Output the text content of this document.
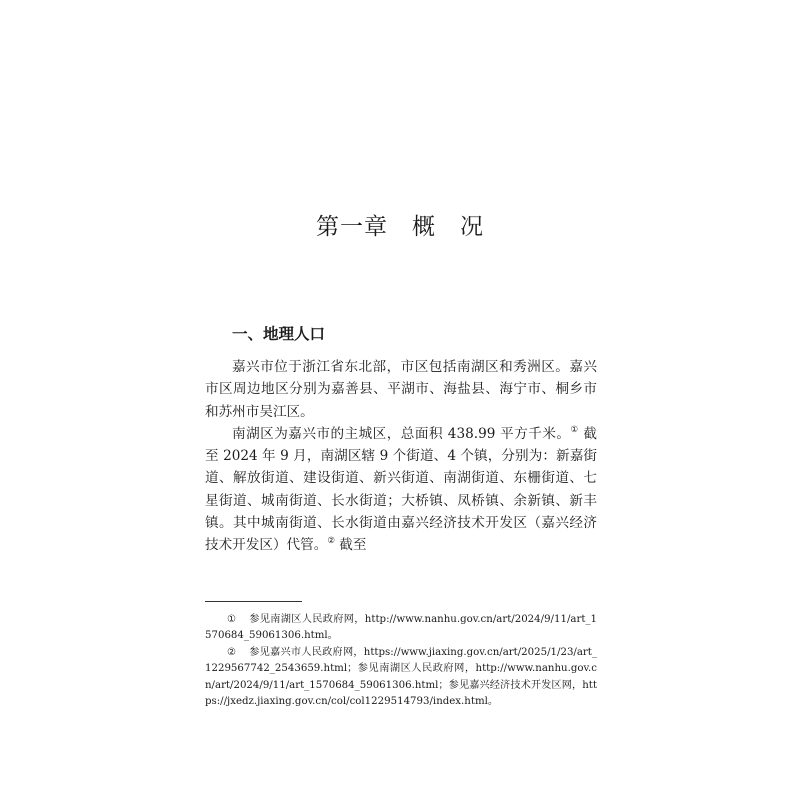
第一章　概　况
一、地理人口

嘉兴市位于浙江省东北部，市区包括南湖区和秀洲区。嘉兴市区周边地区分别为嘉善县、平湖市、海盐县、海宁市、桐乡市和苏州市吴江区。

南湖区为嘉兴市的主城区，总面积 438.99 平方千米。① 截至 2024 年 9 月，南湖区辖 9 个街道、4 个镇，分别为：新嘉街道、解放街道、建设街道、新兴街道、南湖街道、东栅街道、七星街道、城南街道、长水街道；大桥镇、凤桥镇、余新镇、新丰镇。其中城南街道、长水街道由嘉兴经济技术开发区（嘉兴经济技术开发区）代管。② 截至

① 参见南湖区人民政府网，http://www.nanhu.gov.cn/art/2024/9/11/art_1570684_59061306.html。
② 参见嘉兴市人民政府网，https://www.jiaxing.gov.cn/art/2025/1/23/art_1229567742_2543659.html；参见南湖区人民政府网，http://www.nanhu.gov.cn/art/2024/9/11/art_1570684_59061306.html；参见嘉兴经济技术开发区网，https://jxedz.jiaxing.gov.cn/col/col1229514793/index.html。
